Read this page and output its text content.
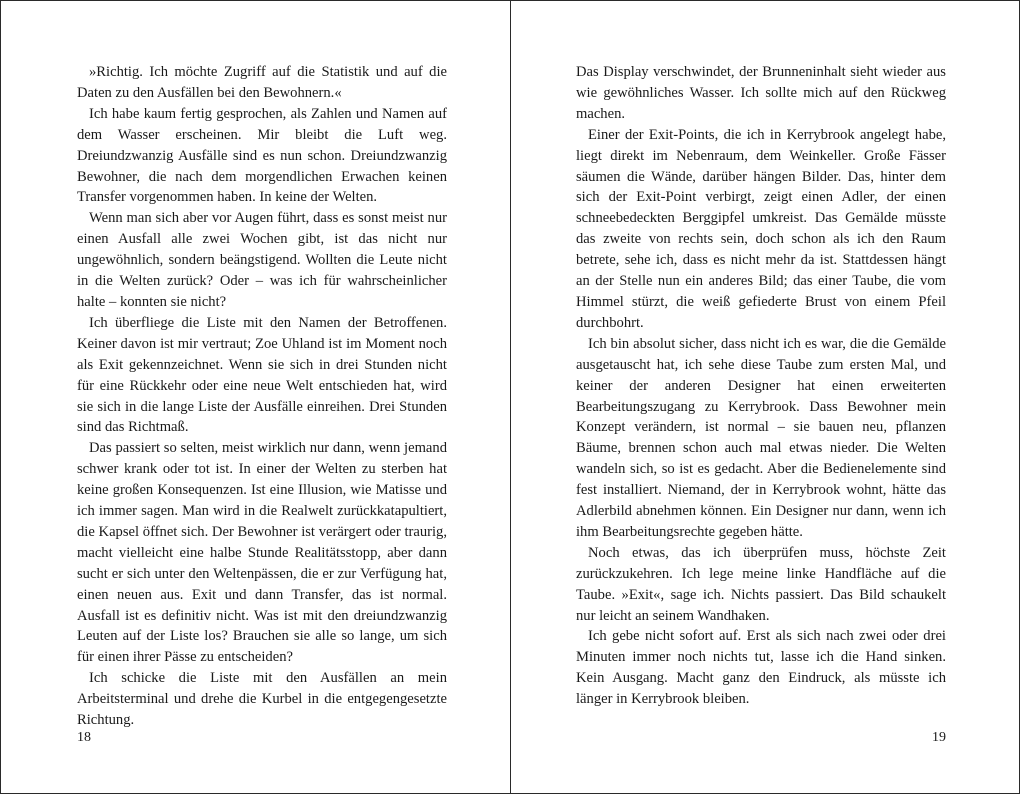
»Richtig. Ich möchte Zugriff auf die Statistik und auf die Daten zu den Ausfällen bei den Bewohnern.«

Ich habe kaum fertig gesprochen, als Zahlen und Namen auf dem Wasser erscheinen. Mir bleibt die Luft weg. Dreiundzwanzig Ausfälle sind es nun schon. Dreiundzwanzig Bewohner, die nach dem morgendlichen Erwachen keinen Transfer vorgenommen haben. In keine der Welten.

Wenn man sich aber vor Augen führt, dass es sonst meist nur einen Ausfall alle zwei Wochen gibt, ist das nicht nur ungewöhnlich, sondern beängstigend. Wollten die Leute nicht in die Welten zurück? Oder – was ich für wahrscheinlicher halte – konnten sie nicht?

Ich überfliege die Liste mit den Namen der Betroffenen. Keiner davon ist mir vertraut; Zoe Uhland ist im Moment noch als Exit gekennzeichnet. Wenn sie sich in drei Stunden nicht für eine Rückkehr oder eine neue Welt entschieden hat, wird sie sich in die lange Liste der Ausfälle einreihen. Drei Stunden sind das Richtmaß.

Das passiert so selten, meist wirklich nur dann, wenn jemand schwer krank oder tot ist. In einer der Welten zu sterben hat keine großen Konsequenzen. Ist eine Illusion, wie Matisse und ich immer sagen. Man wird in die Realwelt zurückkatapultiert, die Kapsel öffnet sich. Der Bewohner ist verärgert oder traurig, macht vielleicht eine halbe Stunde Realitätsstopp, aber dann sucht er sich unter den Weltenpässen, die er zur Verfügung hat, einen neuen aus. Exit und dann Transfer, das ist normal. Ausfall ist es definitiv nicht. Was ist mit den dreiundzwanzig Leuten auf der Liste los? Brauchen sie alle so lange, um sich für einen ihrer Pässe zu entscheiden?

Ich schicke die Liste mit den Ausfällen an mein Arbeitsterminal und drehe die Kurbel in die entgegengesetzte Richtung.

18

Das Display verschwindet, der Brunneninhalt sieht wieder aus wie gewöhnliches Wasser. Ich sollte mich auf den Rückweg machen.

Einer der Exit-Points, die ich in Kerrybrook angelegt habe, liegt direkt im Nebenraum, dem Weinkeller. Große Fässer säumen die Wände, darüber hängen Bilder. Das, hinter dem sich der Exit-Point verbirgt, zeigt einen Adler, der einen schneebedeckten Berggipfel umkreist. Das Gemälde müsste das zweite von rechts sein, doch schon als ich den Raum betrete, sehe ich, dass es nicht mehr da ist. Stattdessen hängt an der Stelle nun ein anderes Bild; das einer Taube, die vom Himmel stürzt, die weiß gefiederte Brust von einem Pfeil durchbohrt.

Ich bin absolut sicher, dass nicht ich es war, die die Gemälde ausgetauscht hat, ich sehe diese Taube zum ersten Mal, und keiner der anderen Designer hat einen erweiterten Bearbeitungszugang zu Kerrybrook. Dass Bewohner mein Konzept verändern, ist normal – sie bauen neu, pflanzen Bäume, brennen schon auch mal etwas nieder. Die Welten wandeln sich, so ist es gedacht. Aber die Bedienelemente sind fest installiert. Niemand, der in Kerrybrook wohnt, hätte das Adlerbild abnehmen können. Ein Designer nur dann, wenn ich ihm Bearbeitungsrechte gegeben hätte.

Noch etwas, das ich überprüfen muss, höchste Zeit zurückzukehren. Ich lege meine linke Handfläche auf die Taube. »Exit«, sage ich. Nichts passiert. Das Bild schaukelt nur leicht an seinem Wandhaken.

Ich gebe nicht sofort auf. Erst als sich nach zwei oder drei Minuten immer noch nichts tut, lasse ich die Hand sinken. Kein Ausgang. Macht ganz den Eindruck, als müsste ich länger in Kerrybrook bleiben.

19
